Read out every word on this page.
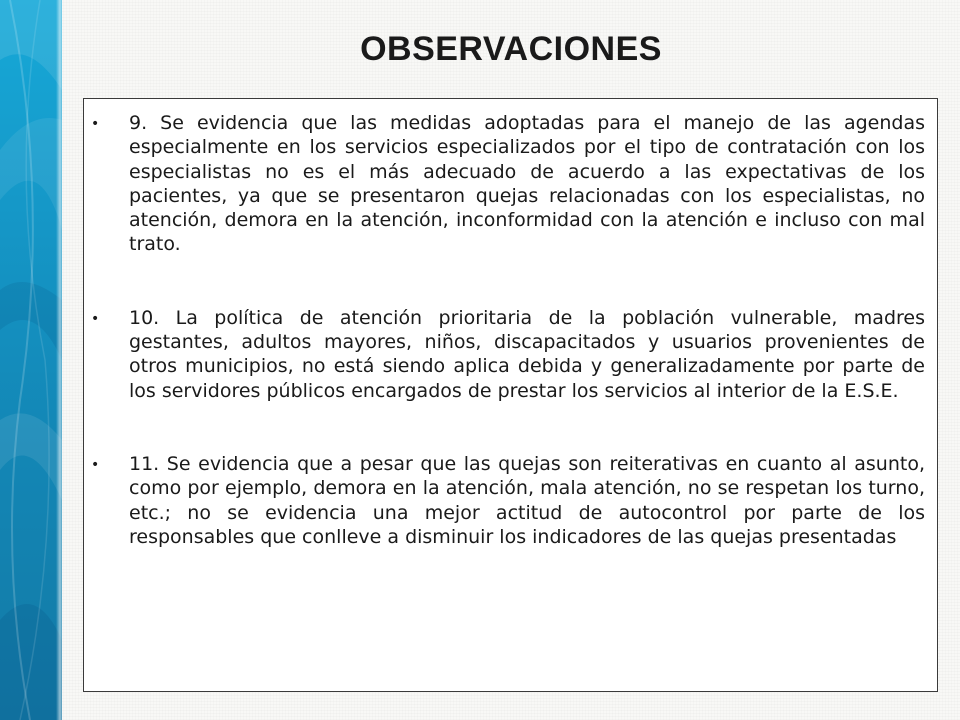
OBSERVACIONES
• 9. Se evidencia que las medidas adoptadas para el manejo de las agendas especialmente en los servicios especializados por el tipo de contratación con los especialistas no es el más adecuado de acuerdo a las expectativas de los pacientes, ya que se presentaron quejas relacionadas con los especialistas, no atención, demora en la atención, inconformidad con la atención e incluso con mal trato.

• 10. La política de atención prioritaria de la población vulnerable, madres gestantes, adultos mayores, niños, discapacitados y usuarios provenientes de otros municipios, no está siendo aplica debida y generalizadamente por parte de los servidores públicos encargados de prestar los servicios al interior de la E.S.E.

• 11. Se evidencia que a pesar que las quejas son reiterativas en cuanto al asunto, como por ejemplo, demora en la atención, mala atención, no se respetan los turno, etc.; no se evidencia una mejor actitud de autocontrol por parte de los responsables que conlleve a disminuir los indicadores de las quejas presentadas
